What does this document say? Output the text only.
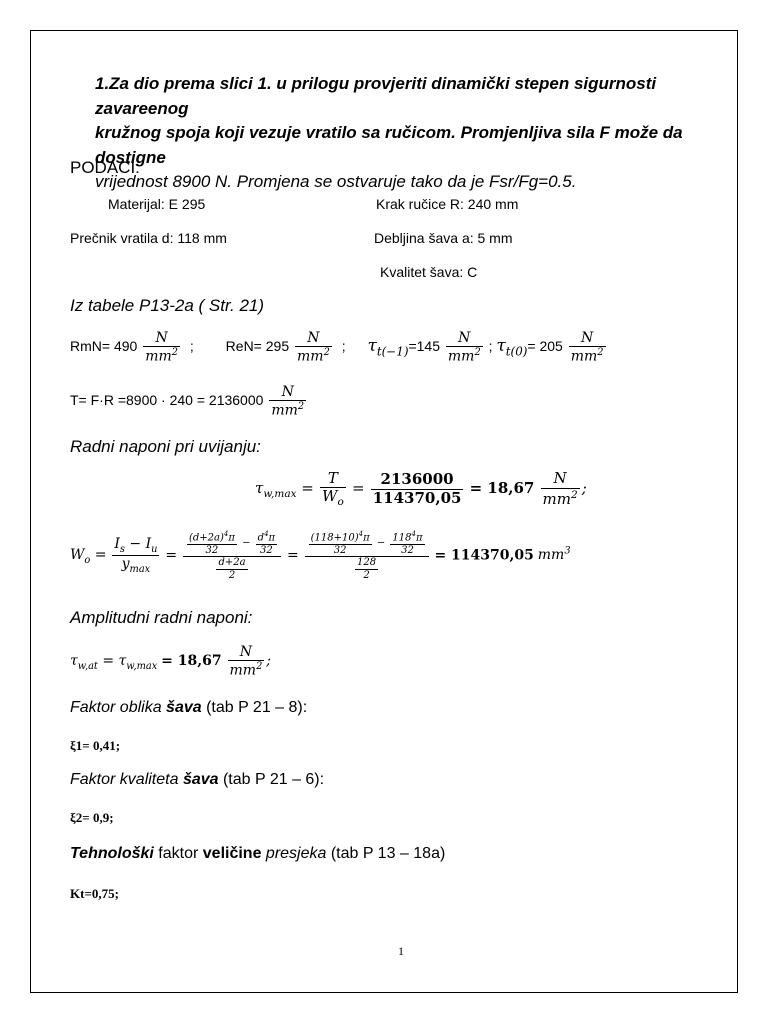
1.Za dio prema slici 1. u prilogu provjeriti dinamički stepen sigurnosti zavareenog
kružnog spoja koji vezuje vratilo sa ručicom. Promjenljiva sila F može da dostigne
vrijednost 8900 N. Promjena se ostvaruje tako da je Fsr/Fg=0.5.
PODACI:
Materijal: E 295	Krak ručice R: 240 mm
Prečnik vratila d: 118 mm	Debljina šava a: 5 mm
Kvalitet šava: C
Iz tabele P13-2a ( Str. 21)
$RmN= 490 \frac{N}{mm^2}$ ; $ReN= 295 \frac{N}{mm^2}$ ; $\tau_{t(-1)}=145 \frac{N}{mm^2}$ ; $\tau_{t(0)}= 205 \frac{N}{mm^2}$
$T= F\cdot R =8900 \cdot 240 = 2136000 \frac{N}{mm^2}$
Radni naponi pri uvijanju:
$\tau_{w,max} = \frac{T}{W_o} = \frac{2136000}{114370,05} = 18,67 \frac{N}{mm^2}$ ;
$W_o = \frac{I_s - I_u}{y_{max}} = \frac{\frac{(d+2a)^4\pi}{32} - \frac{d^4\pi}{32}}{\frac{d+2a}{2}} = \frac{\frac{(118+10)^4\pi}{32} - \frac{118^4\pi}{32}}{\frac{128}{2}} = 114370,05$ $mm^3$
Amplitudni radni naponi:
$\tau_{w,at} = \tau_{w,max} = 18,67 \frac{N}{mm^2}$ ;
Faktor oblika šava (tab P 21 – 8):
ξ1= 0,41;
Faktor kvaliteta šava (tab P 21 – 6):
ξ2= 0,9;
Tehnološki faktor veličine presjeka (tab P 13 – 18a)
Kt=0,75;
1
